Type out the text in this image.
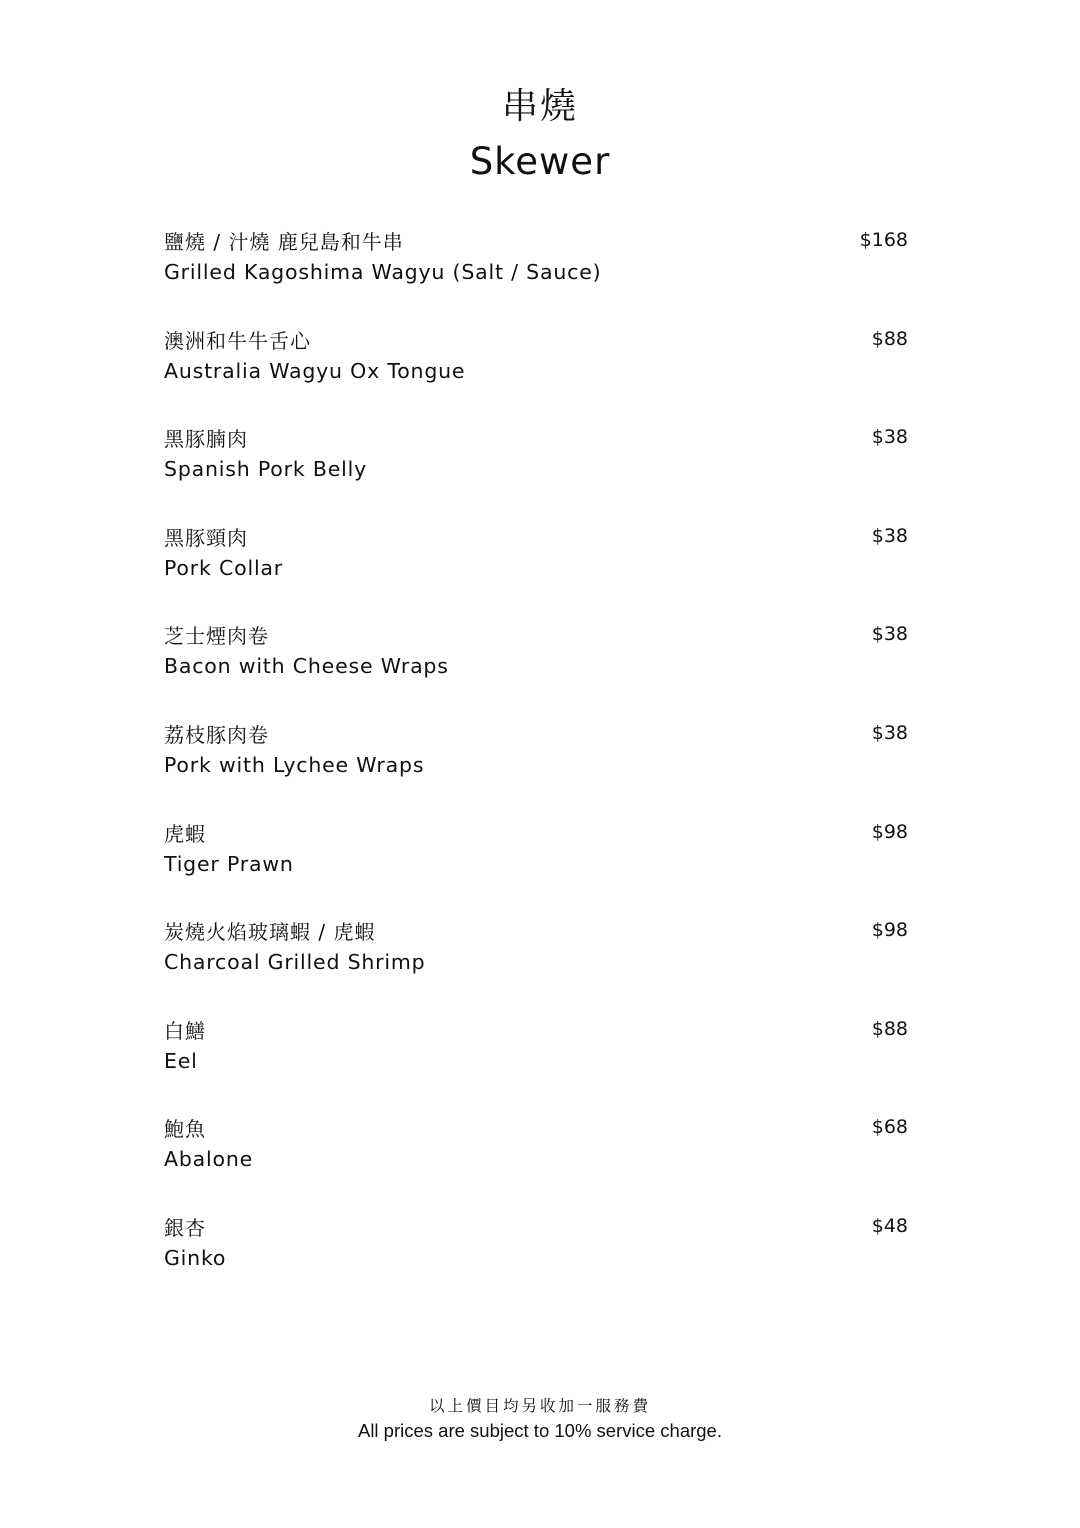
串燒
Skewer
鹽燒 / 汁燒 鹿兒島和牛串
Grilled Kagoshima Wagyu (Salt / Sauce)
$168
澳洲和牛牛舌心
Australia Wagyu Ox Tongue
$88
黑豚腩肉
Spanish Pork Belly
$38
黑豚頸肉
Pork Collar
$38
芝士煙肉卷
Bacon with Cheese Wraps
$38
荔枝豚肉卷
Pork with Lychee Wraps
$38
虎蝦
Tiger Prawn
$98
炭燒火焰玻璃蝦 / 虎蝦
Charcoal Grilled Shrimp
$98
白鱔
Eel
$88
鮑魚
Abalone
$68
銀杏
Ginko
$48
以上價目均另收加一服務費
All prices are subject to 10% service charge.
